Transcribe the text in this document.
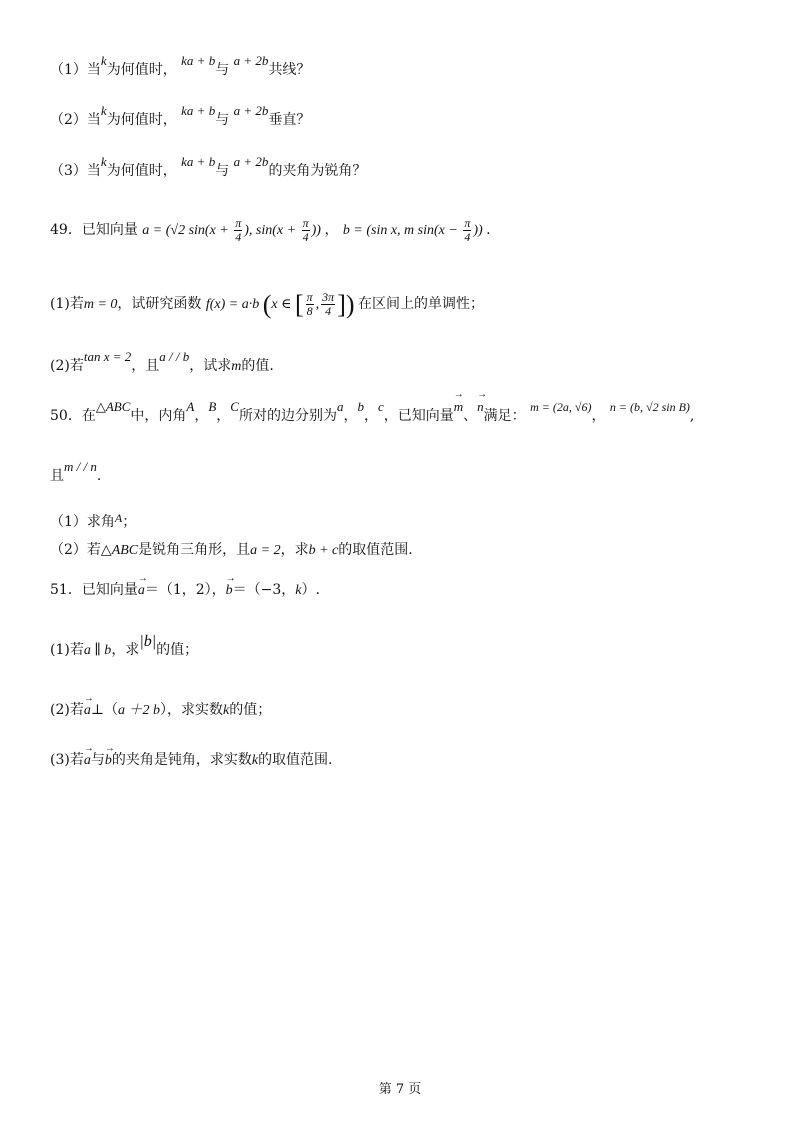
（1）当k为何值时， ka + b与 a + 2b共线？
（2）当k为何值时， ka + b与 a + 2b垂直？
（3）当k为何值时， ka + b与 a + 2b的夹角为锐角？
49．已知向量 a = (√2 $\sin(x + \frac{\pi}{4}$ ), $\sin(x + \frac{\pi}{4}$ )) ， b = (sin x, m $\sin(x - \frac{\pi}{4}$ )) .
(1)若m = 0，试研究函数 f(x) = a·b (x ∈ [ $\frac{\pi}{8}$ , $\frac{3\pi}{4}$ ]) 在区间上的单调性；
(2)若tan x = 2，且a / / b，试求m的值.
50．在△ABC中，内角A，B，C所对的边分别为a，b，c，已知向量→ m、→ n满足： m = (2a, √6)， n = (b, √2 sin B),
且m / / n.
（1）求角A；
（2）若△ABC是锐角三角形，且a = 2，求b + c的取值范围.
51．已知向量→ a＝（1，2），→ b＝（−3，k）.
(1)若a ∥ b，求|b|的值；
(2)若→ a⊥（a ＋2 b），求实数k的值；
(3)若→ a与→ b的夹角是钝角，求实数k的取值范围.
第 7 页
